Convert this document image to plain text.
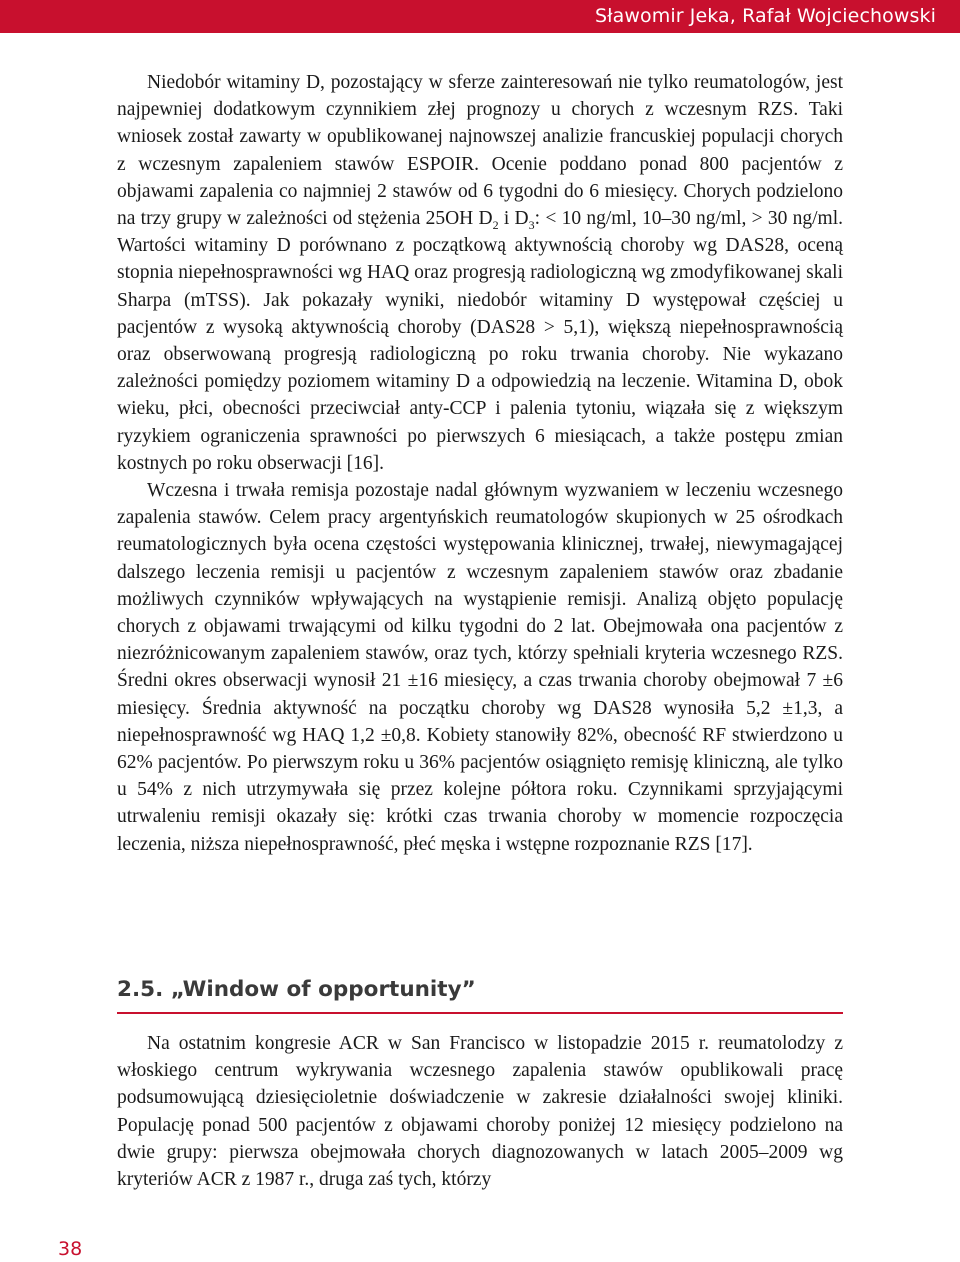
Sławomir Jeka, Rafał Wojciechowski

Niedobór witaminy D, pozostający w sferze zainteresowań nie tylko reumatologów, jest najpewniej dodatkowym czynnikiem złej prognozy u chorych z wczesnym RZS. Taki wniosek został zawarty w opublikowanej najnowszej analizie francuskiej populacji chorych z wczesnym zapaleniem stawów ESPOIR. Ocenie poddano ponad 800 pacjentów z objawami zapalenia co najmniej 2 stawów od 6 tygodni do 6 miesięcy. Chorych podzielono na trzy grupy w zależności od stężenia 25OH $D_2$ i $D_3$: < 10 ng/ml, 10–30 ng/ml, > 30 ng/ml. Wartości witaminy D porównano z początkową aktywnością choroby wg DAS28, oceną stopnia niepełnosprawności wg HAQ oraz progresją radiologiczną wg zmodyfikowanej skali Sharpa (mTSS). Jak pokazały wyniki, niedobór witaminy D występował częściej u pacjentów z wysoką aktywnością choroby (DAS28 > 5,1), większą niepełnosprawnością oraz obserwowaną progresją radiologiczną po roku trwania choroby. Nie wykazano zależności pomiędzy poziomem witaminy D a odpowiedzią na leczenie. Witamina D, obok wieku, płci, obecności przeciwciał anty-CCP i palenia tytoniu, wiązała się z większym ryzykiem ograniczenia sprawności po pierwszych 6 miesiącach, a także postępu zmian kostnych po roku obserwacji [16].

Wczesna i trwała remisja pozostaje nadal głównym wyzwaniem w leczeniu wczesnego zapalenia stawów. Celem pracy argentyńskich reumatologów skupionych w 25 ośrodkach reumatologicznych była ocena częstości występowania klinicznej, trwałej, niewymagającej dalszego leczenia remisji u pacjentów z wczesnym zapaleniem stawów oraz zbadanie możliwych czynników wpływających na wystąpienie remisji. Analizą objęto populację chorych z objawami trwającymi od kilku tygodni do 2 lat. Obejmowała ona pacjentów z niezróżnicowanym zapaleniem stawów, oraz tych, którzy spełniali kryteria wczesnego RZS. Średni okres obserwacji wynosił 21 ±16 miesięcy, a czas trwania choroby obejmował 7 ±6 miesięcy. Średnia aktywność na początku choroby wg DAS28 wynosiła 5,2 ±1,3, a niepełnosprawność wg HAQ 1,2 ±0,8. Kobiety stanowiły 82%, obecność RF stwierdzono u 62% pacjentów. Po pierwszym roku u 36% pacjentów osiągnięto remisję kliniczną, ale tylko u 54% z nich utrzymywała się przez kolejne półtora roku. Czynnikami sprzyjającymi utrwaleniu remisji okazały się: krótki czas trwania choroby w momencie rozpoczęcia leczenia, niższa niepełnosprawność, płeć męska i wstępne rozpoznanie RZS [17].

2.5. „Window of opportunity”

Na ostatnim kongresie ACR w San Francisco w listopadzie 2015 r. reumatolodzy z włoskiego centrum wykrywania wczesnego zapalenia stawów opublikowali pracę podsumowującą dziesięcioletnie doświadczenie w zakresie działalności swojej kliniki. Populację ponad 500 pacjentów z objawami choroby poniżej 12 miesięcy podzielono na dwie grupy: pierwsza obejmowała chorych diagnozowanych w latach 2005–2009 wg kryteriów ACR z 1987 r., druga zaś tych, którzy

38
